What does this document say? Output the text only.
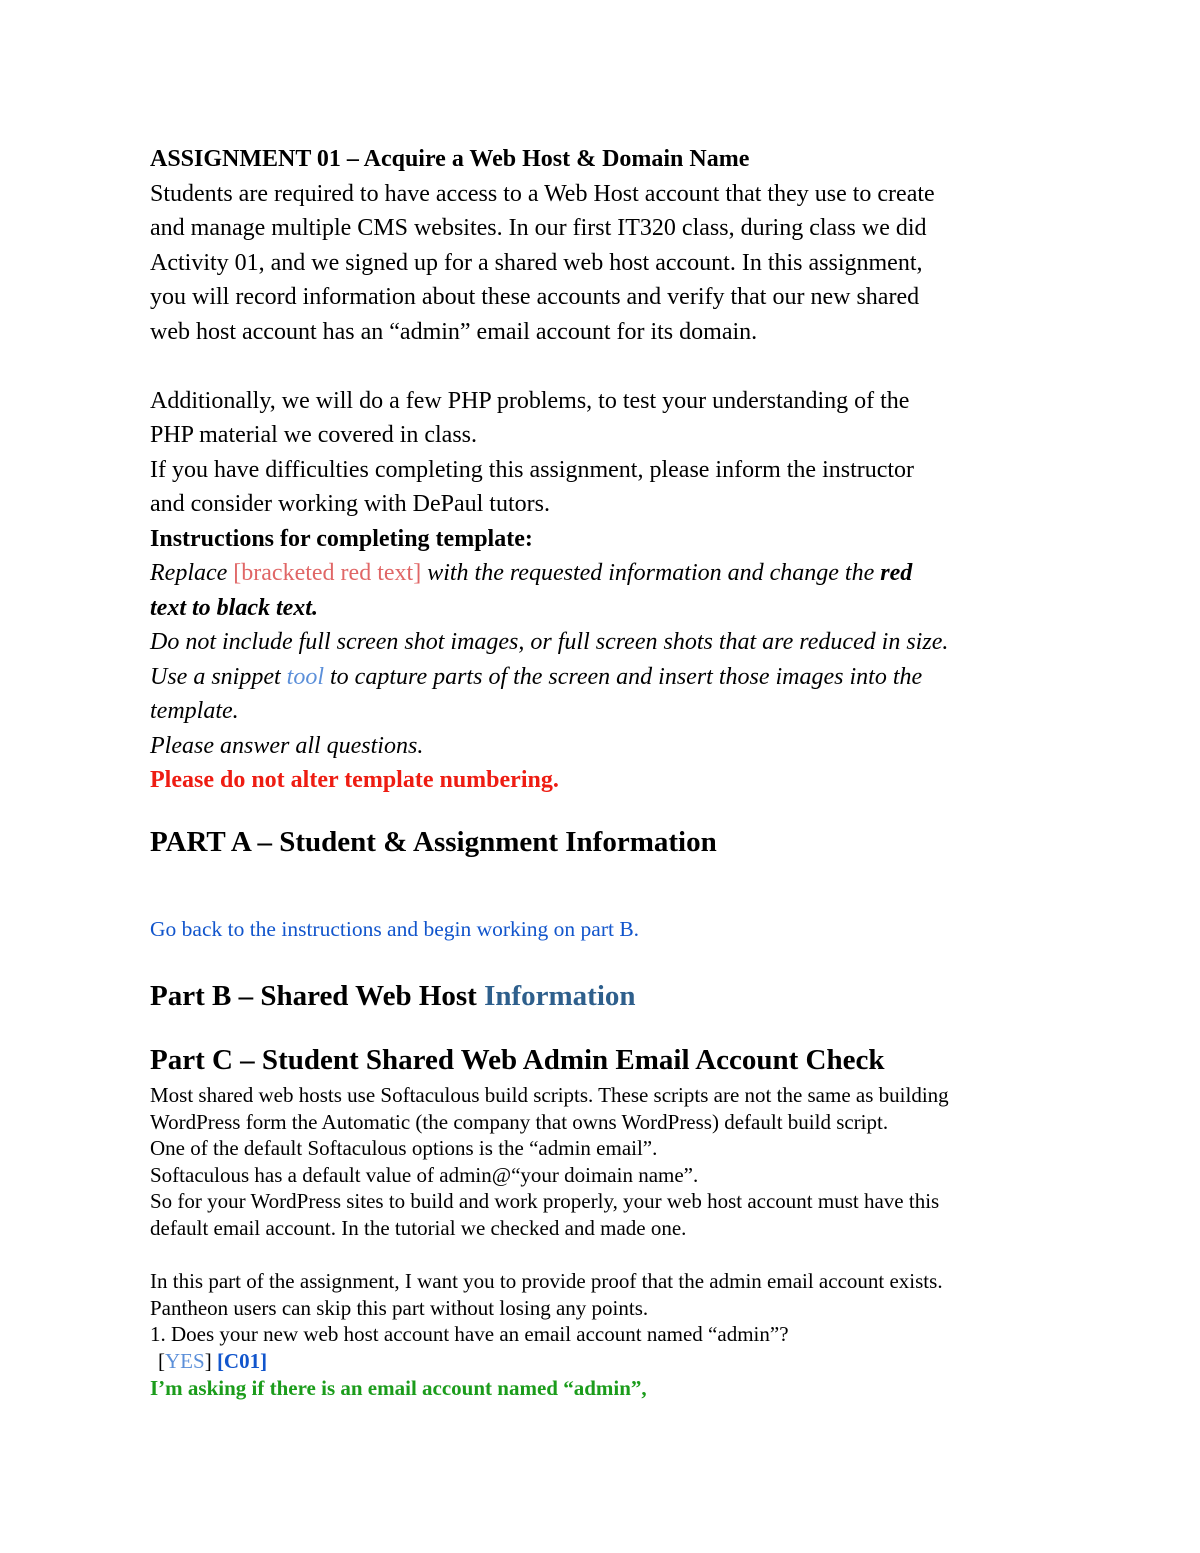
ASSIGNMENT 01 – Acquire a Web Host & Domain Name

Students are required to have access to a Web Host account that they use to create

and manage multiple CMS websites. In our first IT320 class, during class we did

Activity 01, and we signed up for a shared web host account. In this assignment,

you will record information about these accounts and verify that our new shared

web host account has an “admin” email account for its domain.

Additionally, we will do a few PHP problems, to test your understanding of the

PHP material we covered in class.

If you have difficulties completing this assignment, please inform the instructor

and consider working with DePaul tutors.

Instructions for completing template:

Replace [bracketed red text] with the requested information and change the red

text to black text.

Do not include full screen shot images, or full screen shots that are reduced in size.

Use a snippet tool to capture parts of the screen and insert those images into the

template.

Please answer all questions.

Please do not alter template numbering.

PART A – Student & Assignment Information

Go back to the instructions and begin working on part B.

Part B – Shared Web Host Information

Part C – Student Shared Web Admin Email Account Check

Most shared web hosts use Softaculous build scripts. These scripts are not the same as building

WordPress form the Automatic (the company that owns WordPress) default build script.

One of the default Softaculous options is the “admin email”.

Softaculous has a default value of admin@“your doimain name”.

So for your WordPress sites to build and work properly, your web host account must have this

default email account. In the tutorial we checked and made one.

In this part of the assignment, I want you to provide proof that the admin email account exists.

Pantheon users can skip this part without losing any points.

1. Does your new web host account have an email account named “admin”?

[YES] [C01]

I’m asking if there is an email account named “admin”,
